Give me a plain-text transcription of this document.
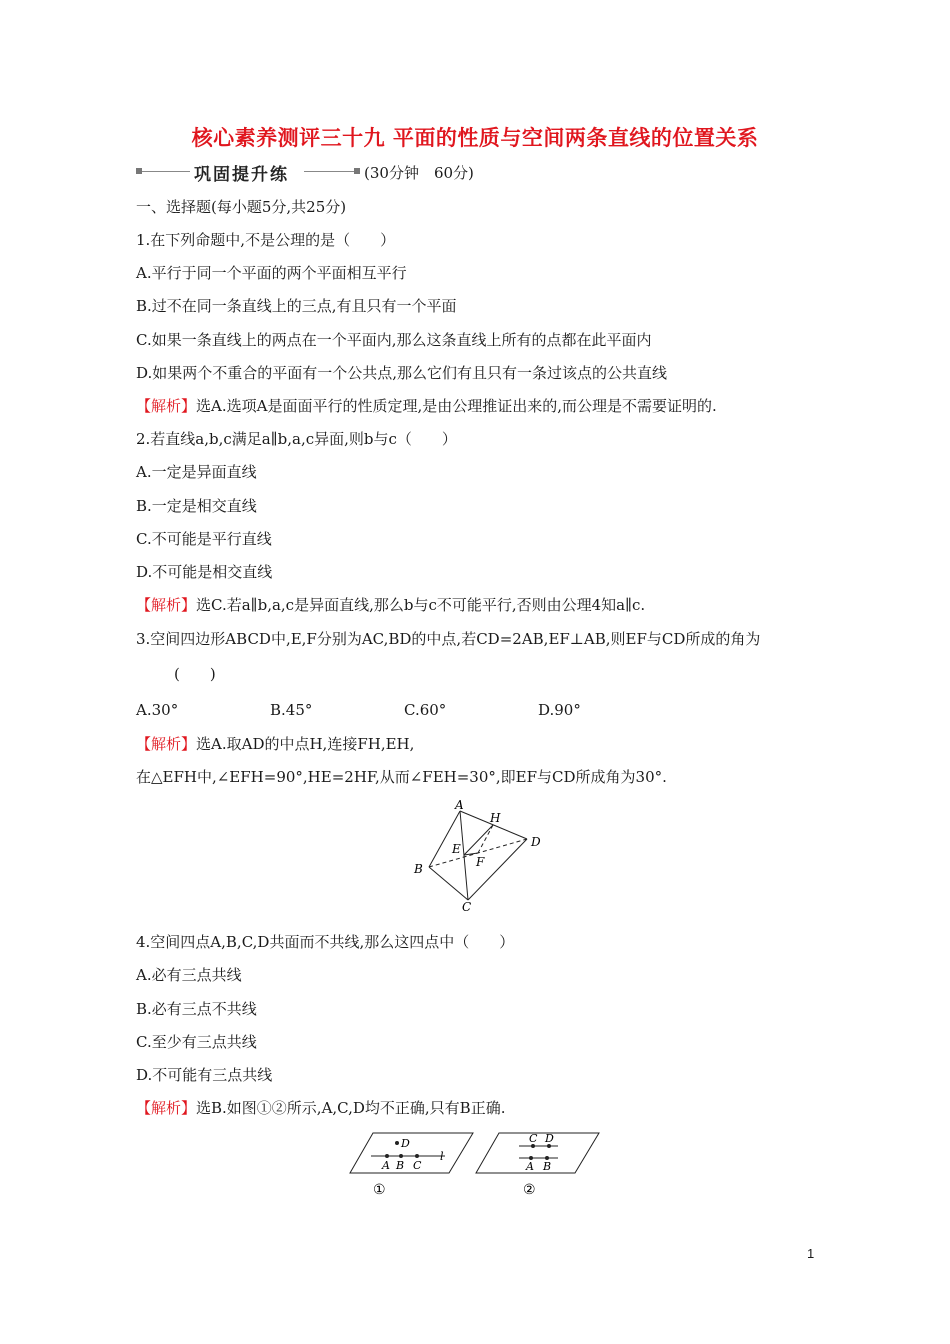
核心素养测评三十九 平面的性质与空间两条直线的位置关系
巩固提升练	(30分钟　60分)
一、选择题(每小题5分,共25分)
1.在下列命题中,不是公理的是（　　）
A.平行于同一个平面的两个平面相互平行
B.过不在同一条直线上的三点,有且只有一个平面
C.如果一条直线上的两点在一个平面内,那么这条直线上所有的点都在此平面内
D.如果两个不重合的平面有一个公共点,那么它们有且只有一条过该点的公共直线
【解析】选A.选项A是面面平行的性质定理,是由公理推证出来的,而公理是不需要证明的.
2.若直线a,b,c满足a∥b,a,c异面,则b与c（　　）
A.一定是异面直线
B.一定是相交直线
C.不可能是平行直线
D.不可能是相交直线
【解析】选C.若a∥b,a,c是异面直线,那么b与c不可能平行,否则由公理4知a∥c.
3.空间四边形ABCD中,E,F分别为AC,BD的中点,若CD=2AB,EF⊥AB,则EF与CD所成的角为
(　　)
A.30°	B.45°	C.60°	D.90°
【解析】选A.取AD的中点H,连接FH,EH,
在△EFH中,∠EFH=90°,HE=2HF,从而∠FEH=30°,即EF与CD所成角为30°.
A
H
D
E
F
B
C
4.空间四点A,B,C,D共面而不共线,那么这四点中（　　）
A.必有三点共线
B.必有三点不共线
C.至少有三点共线
D.不可能有三点共线
【解析】选B.如图①②所示,A,C,D均不正确,只有B正确.
D
A B C
l
C D
A B
①	②
1
